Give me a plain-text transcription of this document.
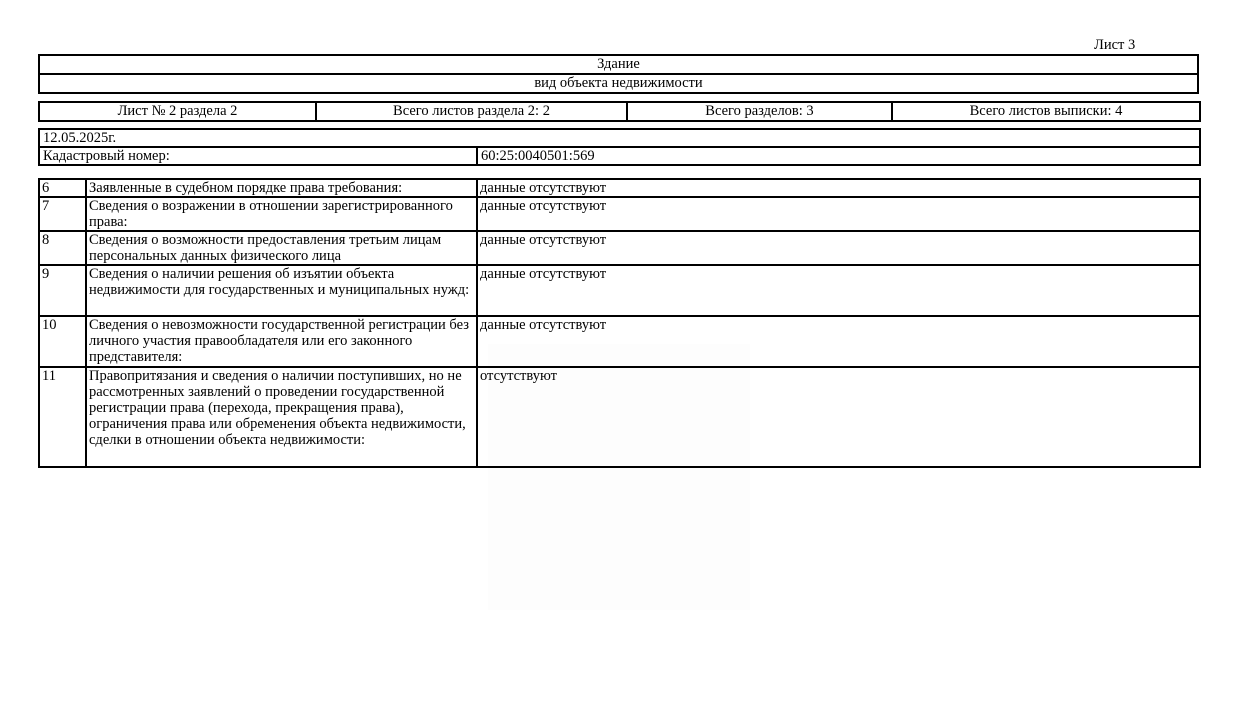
Лист 3
Здание
вид объекта недвижимости
Лист № 2 раздела 2	Всего листов раздела 2: 2	Всего разделов: 3	Всего листов выписки: 4
12.05.2025г.
Кадастровый номер:	60:25:0040501:569
6	Заявленные в судебном порядке права требования:	данные отсутствуют
7	Сведения о возражении в отношении зарегистрированного права:	данные отсутствуют
8	Сведения о возможности предоставления третьим лицам персональных данных физического лица	данные отсутствуют
9	Сведения о наличии решения об изъятии объекта недвижимости для государственных и муниципальных нужд:	данные отсутствуют
10	Сведения о невозможности государственной регистрации без личного участия правообладателя или его законного представителя:	данные отсутствуют
11	Правопритязания и сведения о наличии поступивших, но не рассмотренных заявлений о проведении государственной регистрации права (перехода, прекращения права), ограничения права или обременения объекта недвижимости, сделки в отношении объекта недвижимости:	отсутствуют
